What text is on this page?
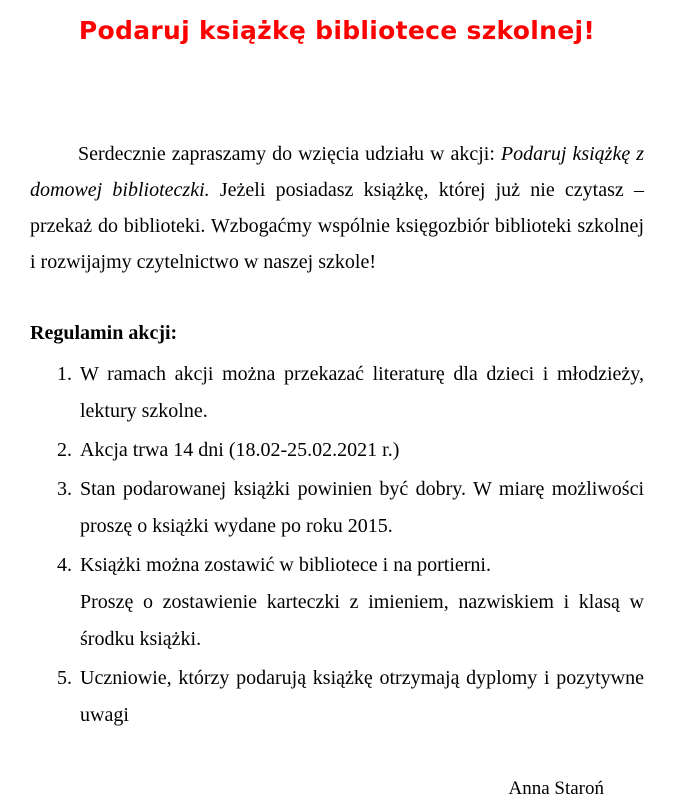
Podaruj książkę bibliotece szkolnej!

Serdecznie zapraszamy do wzięcia udziału w akcji: Podaruj książkę z domowej biblioteczki. Jeżeli posiadasz książkę, której już nie czytasz – przekaż do biblioteki. Wzbogaćmy wspólnie księgozbiór biblioteki szkolnej i rozwijajmy czytelnictwo w naszej szkole!

Regulamin akcji:
1. W ramach akcji można przekazać literaturę dla dzieci i młodzieży, lektury szkolne.
2. Akcja trwa 14 dni (18.02-25.02.2021 r.)
3. Stan podarowanej książki powinien być dobry. W miarę możliwości proszę o książki wydane po roku 2015.
4. Książki można zostawić w bibliotece i na portierni.
Proszę o zostawienie karteczki z imieniem, nazwiskiem i klasą w środku książki.
5. Uczniowie, którzy podarują książkę otrzymają dyplomy i pozytywne uwagi
Anna Staroń
